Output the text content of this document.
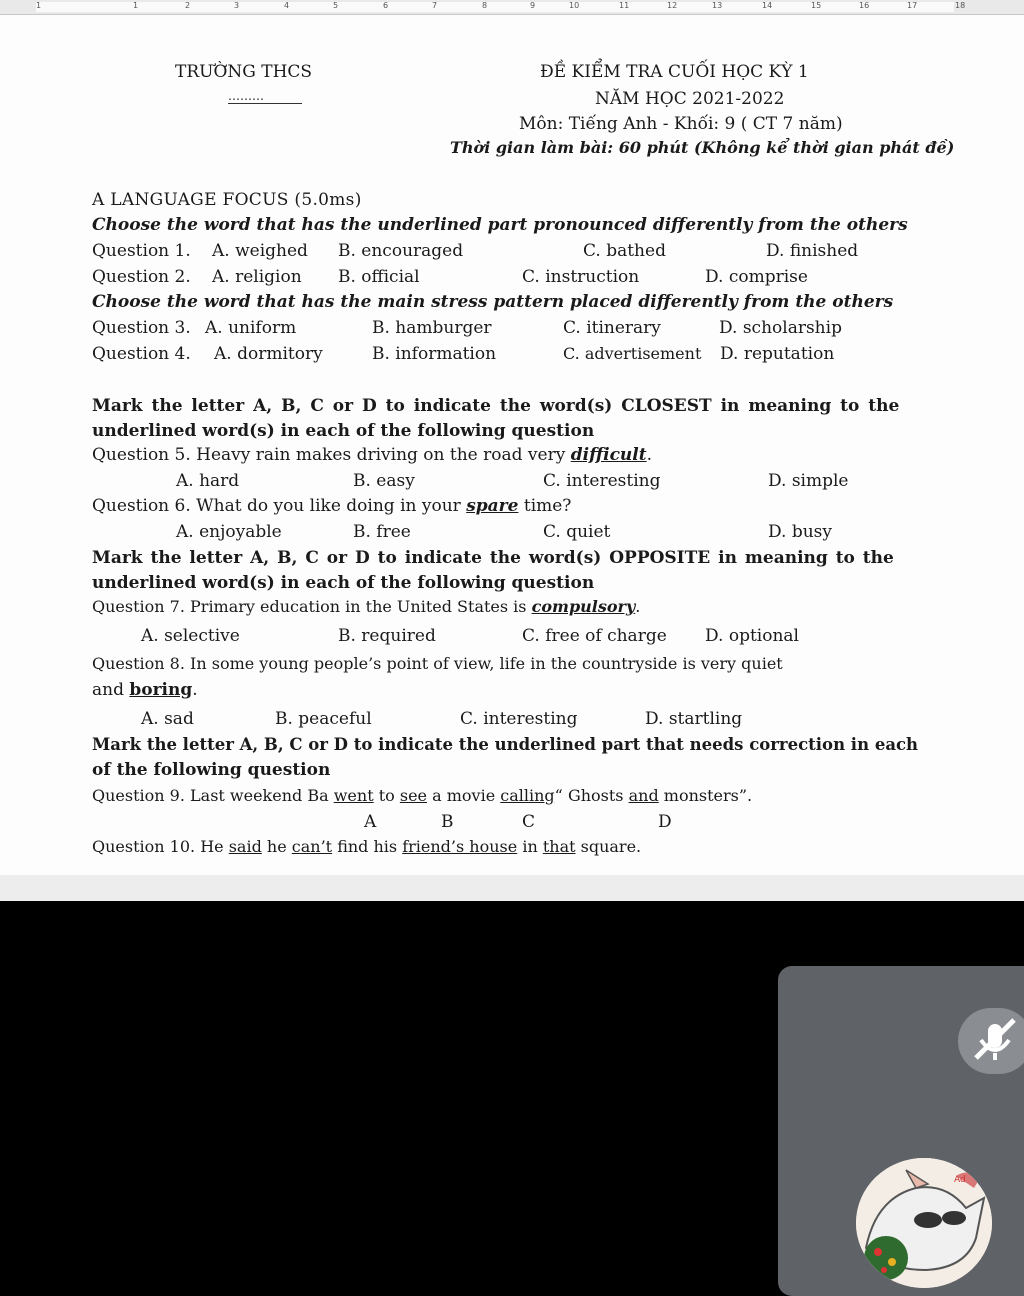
1	1	2	3	4	5	6	7	8	9	10	11	12	13	14	15	16	17	18
TRƯỜNG THCS
………
ĐỀ KIỂM TRA CUỐI HỌC KỲ 1
NĂM HỌC 2021-2022
Môn: Tiếng Anh - Khối: 9 ( CT 7 năm)
Thời gian làm bài: 60 phút (Không kể thời gian phát đề)
A LANGUAGE FOCUS (5.0ms)
Choose the word that has the underlined part pronounced differently from the others
Question 1. A. weighed B. encouraged	C. bathed	D. finished
Question 2. A. religion B. official	C. instruction	D. comprise
Choose the word that has the main stress pattern placed differently from the others
Question 3. A. uniform	B. hamburger	C. itinerary	D. scholarship
Question 4. A. dormitory	B. information	C. advertisement D. reputation
Mark the letter A, B, C or D to indicate the word(s) CLOSEST in meaning to the
underlined word(s) in each of the following question
Question 5. Heavy rain makes driving on the road very difficult.
A. hard	B. easy	C. interesting	D. simple
Question 6. What do you like doing in your spare time?
A. enjoyable	B. free	C. quiet	D. busy
Mark the letter A, B, C or D to indicate the word(s) OPPOSITE in meaning to the
underlined word(s) in each of the following question
Question 7. Primary education in the United States is compulsory.
A. selective	B. required	C. free of charge D. optional
Question 8. In some young people’s point of view, life in the countryside is very quiet
and boring.
A. sad	B. peaceful	C. interesting	D. startling
Mark the letter A, B, C or D to indicate the underlined part that needs correction in each
of the following question
Question 9. Last weekend Ba went to see a movie calling“ Ghosts and monsters”.
A	B	C	D
Question 10. He said he can’t find his friend’s house in that square.
Ad
